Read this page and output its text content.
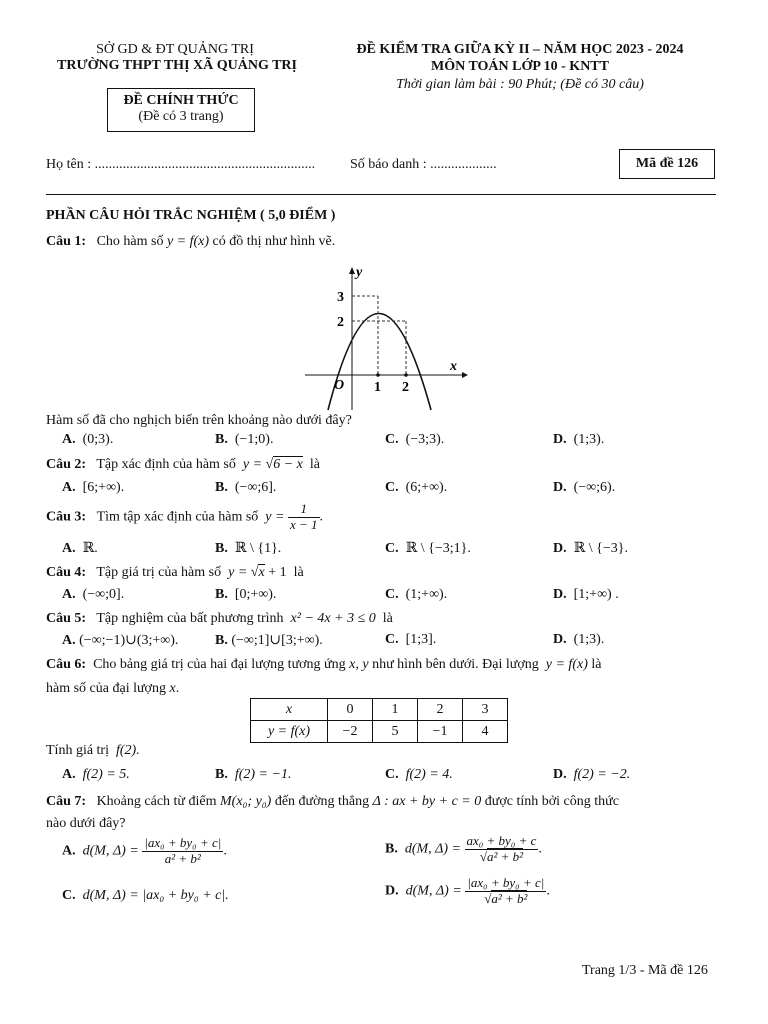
SỞ GD & ĐT QUẢNG TRỊ
TRƯỜNG THPT THỊ XÃ QUẢNG TRỊ
ĐỀ CHÍNH THỨC
(Đề có 3 trang)
ĐỀ KIỂM TRA GIỮA KỲ II – NĂM HỌC 2023 - 2024
MÔN TOÁN LỚP 10 - KNTT
Thời gian làm bài : 90 Phút; (Đề có 30 câu)
Họ tên : ............................................................... Số báo danh : ...................	Mã đề 126
PHẦN CÂU HỎI TRẮC NGHIỆM ( 5,0 ĐIỂM )
Câu 1: Cho hàm số y = f(x) có đồ thị như hình vẽ.
y
x
O 1 2
3
2
Hàm số đã cho nghịch biến trên khoảng nào dưới đây?
A. (0;3).	B. (−1;0).	C. (−3;3).	D. (1;3).
Câu 2: Tập xác định của hàm số y = √6 − x là
A. [6;+∞).	B. (−∞;6].	C. (6;+∞).	D. (−∞;6).
Câu 3: Tìm tập xác định của hàm số $y = \frac{1}{x - 1}$ .
A. ℝ.	B. ℝ \ {1}.	C. ℝ \ {−3;1}.	D. ℝ \ {−3}.
Câu 4: Tập giá trị của hàm số y = √x + 1 là
A. (−∞;0].	B. [0;+∞).	C. (1;+∞).	D. [1;+∞) .
Câu 5: Tập nghiệm của bất phương trình x² − 4x + 3 ≤ 0 là
A. (−∞;−1)∪(3;+∞).	B. (−∞;1]∪[3;+∞).	C. [1;3].	D. (1;3).
Câu 6: Cho bảng giá trị của hai đại lượng tương ứng x, y như hình bên dưới. Đại lượng y = f(x) là
hàm số của đại lượng x.
x	0	1	2	3
y = f(x)	−2	5	−1	4
Tính giá trị f(2).
A. f(2) = 5.	B. f(2) = −1.	C. f(2) = 4.	D. f(2) = −2.
Câu 7: Khoảng cách từ điểm M(x₀; y₀) đến đường thẳng Δ : ax + by + c = 0 được tính bởi công thức
nào dưới đây?
A. d(M, $\Delta) = \frac{\text{|ax₀ + by₀ + c|}}{\text{a² + b²}}$ .	B. d(M, $\Delta) = \frac{\text{ax₀ + by₀ + c}}{\text{√a² + b²}}$ .
C. d(M, Δ) = |ax₀ + by₀ + c|.	D. d(M, $\Delta) = \frac{\text{|ax₀ + by₀ + c|}}{\text{√a² + b²}}$ .
Trang 1/3 - Mã đề 126
